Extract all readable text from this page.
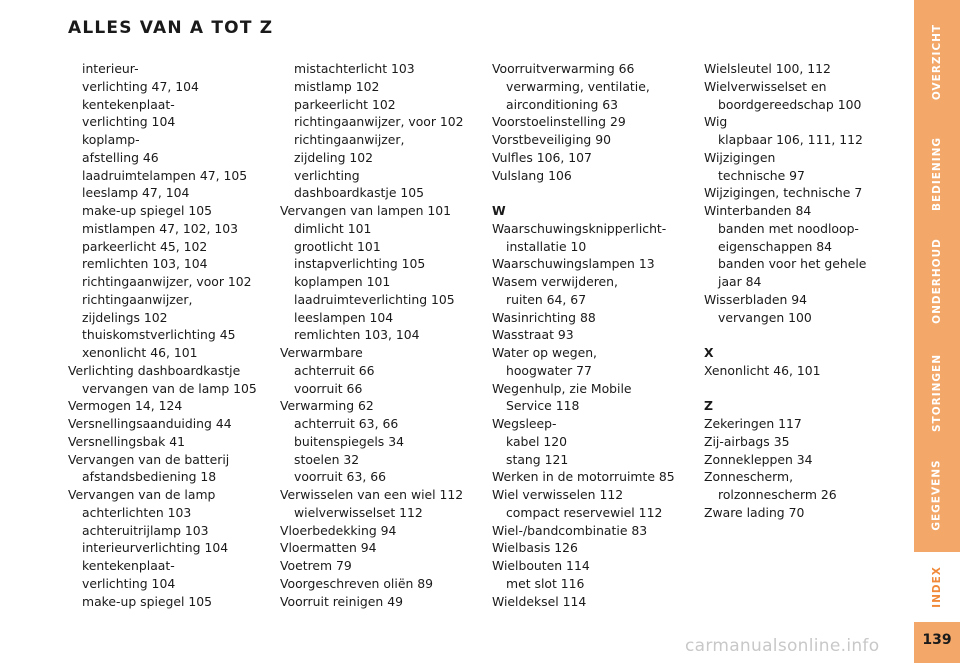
ALLES VAN A TOT Z
interieur-
verlichting 47, 104
kentekenplaat-
verlichting 104
koplamp-
afstelling 46
laadruimtelampen 47, 105
leeslamp 47, 104
make-up spiegel 105
mistlampen 47, 102, 103
parkeerlicht 45, 102
remlichten 103, 104
richtingaanwijzer, voor 102
richtingaanwijzer,
zijdelings 102
thuiskomstverlichting 45
xenonlicht 46, 101
Verlichting dashboardkastje
vervangen van de lamp 105
Vermogen 14, 124
Versnellingsaanduiding 44
Versnellingsbak 41
Vervangen van de batterij
afstandsbediening 18
Vervangen van de lamp
achterlichten 103
achteruitrijlamp 103
interieurverlichting 104
kentekenplaat-
verlichting 104
make-up spiegel 105
mistachterlicht 103
mistlamp 102
parkeerlicht 102
richtingaanwijzer, voor 102
richtingaanwijzer,
zijdeling 102
verlichting
dashboardkastje 105
Vervangen van lampen 101
dimlicht 101
grootlicht 101
instapverlichting 105
koplampen 101
laadruimteverlichting 105
leeslampen 104
remlichten 103, 104
Verwarmbare
achterruit 66
voorruit 66
Verwarming 62
achterruit 63, 66
buitenspiegels 34
stoelen 32
voorruit 63, 66
Verwisselen van een wiel 112
wielverwisselset 112
Vloerbedekking 94
Vloermatten 94
Voetrem 79
Voorgeschreven oliën 89
Voorruit reinigen 49
Voorruitverwarming 66
verwarming, ventilatie,
airconditioning 63
Voorstoelinstelling 29
Vorstbeveiliging 90
Vulfles 106, 107
Vulslang 106
W
Waarschuwingsknipperlicht-
installatie 10
Waarschuwingslampen 13
Wasem verwijderen,
ruiten 64, 67
Wasinrichting 88
Wasstraat 93
Water op wegen,
hoogwater 77
Wegenhulp, zie Mobile
Service 118
Wegsleep-
kabel 120
stang 121
Werken in de motorruimte 85
Wiel verwisselen 112
compact reservewiel 112
Wiel-/bandcombinatie 83
Wielbasis 126
Wielbouten 114
met slot 116
Wieldeksel 114
Wielsleutel 100, 112
Wielverwisselset en
boordgereedschap 100
Wig
klapbaar 106, 111, 112
Wijzigingen
technische 97
Wijzigingen, technische 7
Winterbanden 84
banden met noodloop-
eigenschappen 84
banden voor het gehele
jaar 84
Wisserbladen 94
vervangen 100
X
Xenonlicht 46, 101
Z
Zekeringen 117
Zij-airbags 35
Zonnekleppen 34
Zonnescherm,
rolzonnescherm 26
Zware lading 70
OVERZICHT
BEDIENING
ONDERHOUD
STORINGEN
GEGEVENS
INDEX
139
carmanualsonline.info
